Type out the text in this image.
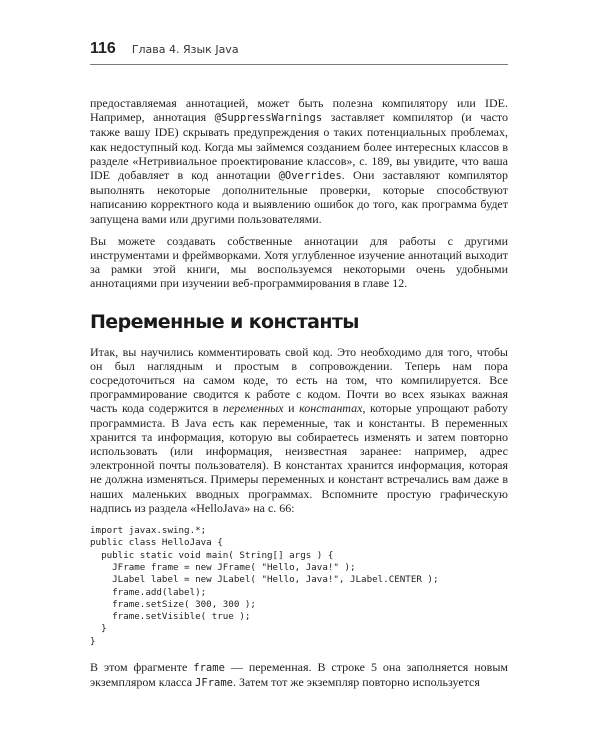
116 Глава 4. Язык Java

предоставляемая аннотацией, может быть полезна компилятору или IDE. Например, аннотация @SuppressWarnings заставляет компилятор (и часто также вашу IDE) скрывать предупреждения о таких потенциальных проблемах, как недоступный код. Когда мы займемся созданием более интересных классов в разделе «Нетривиальное проектирование классов», с. 189, вы увидите, что ваша IDE добавляет в код аннотации @Overrides. Они заставляют компилятор выполнять некоторые дополнительные проверки, которые способствуют написанию корректного кода и выявлению ошибок до того, как программа будет запущена вами или другими пользователями.

Вы можете создавать собственные аннотации для работы с другими инструментами и фреймворками. Хотя углубленное изучение аннотаций выходит за рамки этой книги, мы воспользуемся некоторыми очень удобными аннотациями при изучении веб-программирования в главе 12.

Переменные и константы

Итак, вы научились комментировать свой код. Это необходимо для того, чтобы он был наглядным и простым в сопровождении. Теперь нам пора сосредоточиться на самом коде, то есть на том, что компилируется. Все программирование сводится к работе с кодом. Почти во всех языках важная часть кода содержится в переменных и константах, которые упрощают работу программиста. В Java есть как переменные, так и константы. В переменных хранится та информация, которую вы собираетесь изменять и затем повторно использовать (или информация, неизвестная заранее: например, адрес электронной почты пользователя). В константах хранится информация, которая не должна изменяться. Примеры переменных и констант встречались вам даже в наших маленьких вводных программах. Вспомните простую графическую надпись из раздела «HelloJava» на с. 66:

import javax.swing.*;
public class HelloJava {
public static void main( String[] args ) {
JFrame frame = new JFrame( "Hello, Java!" );
JLabel label = new JLabel( "Hello, Java!", JLabel.CENTER );
frame.add(label);
frame.setSize( 300, 300 );
frame.setVisible( true );
}
}

В этом фрагменте frame — переменная. В строке 5 она заполняется новым экземпляром класса JFrame. Затем тот же экземпляр повторно используется
